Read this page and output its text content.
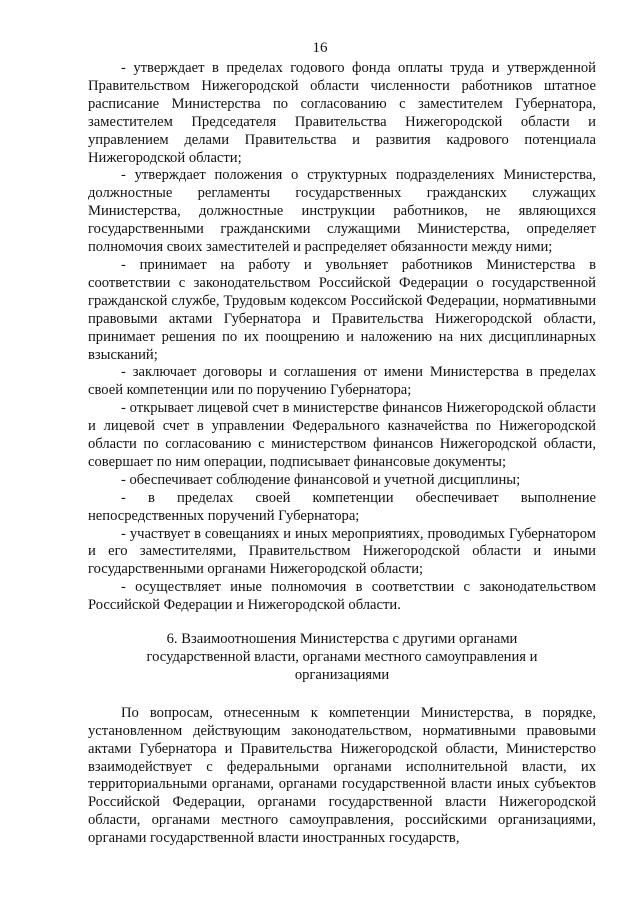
16

- утверждает в пределах годового фонда оплаты труда и утвержденной Правительством Нижегородской области численности работников штатное расписание Министерства по согласованию с заместителем Губернатора, заместителем Председателя Правительства Нижегородской области и управлением делами Правительства и развития кадрового потенциала Нижегородской области;

- утверждает положения о структурных подразделениях Министерства, должностные регламенты государственных гражданских служащих Министерства, должностные инструкции работников, не являющихся государственными гражданскими служащими Министерства, определяет полномочия своих заместителей и распределяет обязанности между ними;

- принимает на работу и увольняет работников Министерства в соответствии с законодательством Российской Федерации о государственной гражданской службе, Трудовым кодексом Российской Федерации, нормативными правовыми актами Губернатора и Правительства Нижегородской области, принимает решения по их поощрению и наложению на них дисциплинарных взысканий;

- заключает договоры и соглашения от имени Министерства в пределах своей компетенции или по поручению Губернатора;

- открывает лицевой счет в министерстве финансов Нижегородской области и лицевой счет в управлении Федерального казначейства по Нижегородской области по согласованию с министерством финансов Нижегородской области, совершает по ним операции, подписывает финансовые документы;

- обеспечивает соблюдение финансовой и учетной дисциплины;

- в пределах своей компетенции обеспечивает выполнение непосредственных поручений Губернатора;

- участвует в совещаниях и иных мероприятиях, проводимых Губернатором и его заместителями, Правительством Нижегородской области и иными государственными органами Нижегородской области;

- осуществляет иные полномочия в соответствии с законодательством Российской Федерации и Нижегородской области.

6. Взаимоотношения Министерства с другими органами
государственной власти, органами местного самоуправления и
организациями

По вопросам, отнесенным к компетенции Министерства, в порядке, установленном действующим законодательством, нормативными правовыми актами Губернатора и Правительства Нижегородской области, Министерство взаимодействует с федеральными органами исполнительной власти, их территориальными органами, органами государственной власти иных субъектов Российской Федерации, органами государственной власти Нижегородской области, органами местного самоуправления, российскими организациями, органами государственной власти иностранных государств,
